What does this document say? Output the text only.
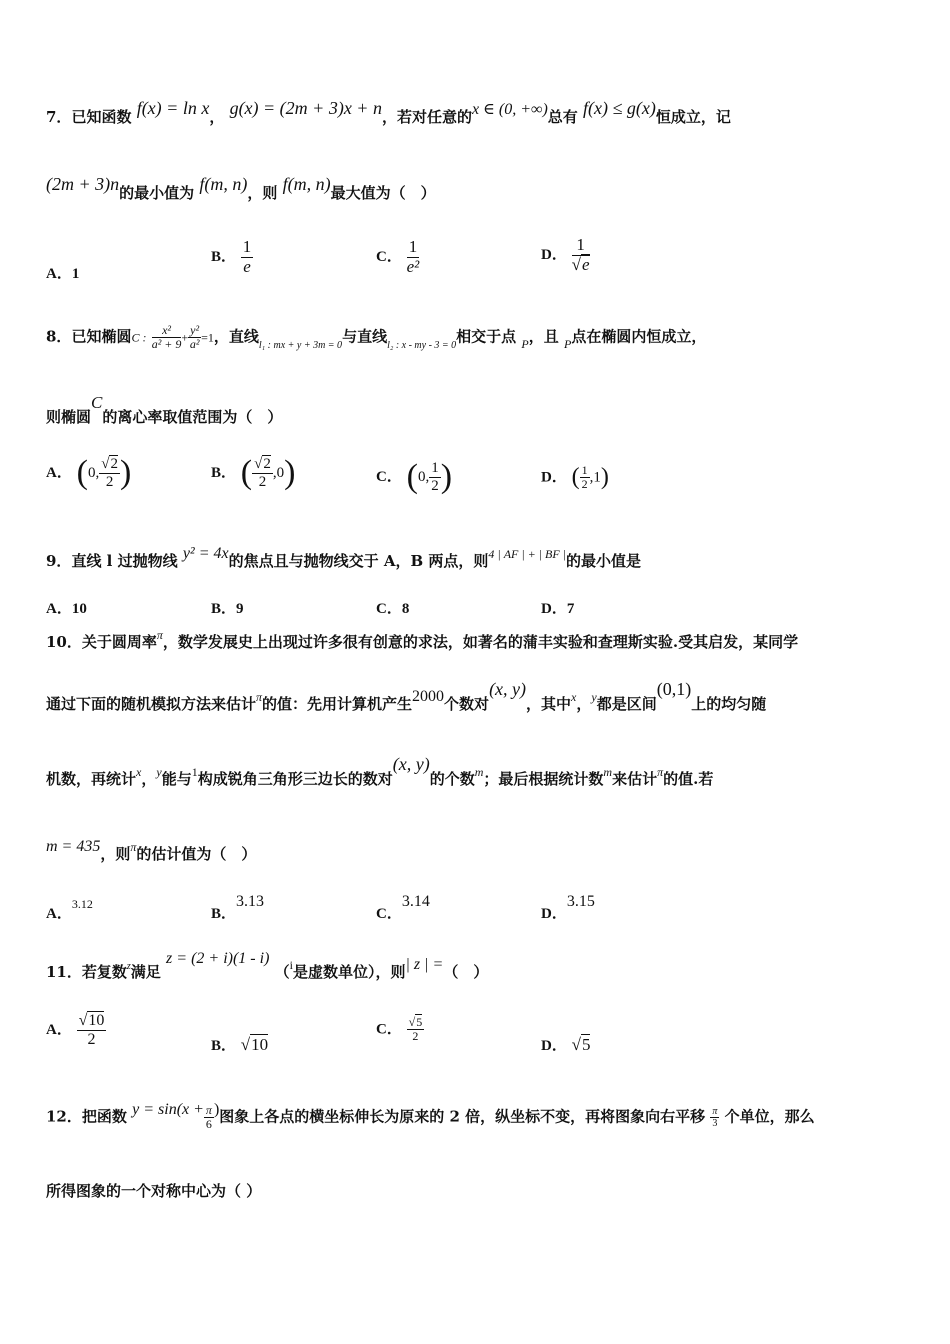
7．已知函数 f(x) = ln x， g(x) = (2m + 3)x + n，若对任意的x ∈ (0, +∞)总有 f(x) ≤ g(x)恒成立，记
(2m + 3)n的最小值为 f(m, n)，则 f(m, n)最大值为（　）
A．1
B． $\frac{1}{e}$	C． $\frac{1}{\text{e²}}$	D． $\frac{1}{√e}$
8．已知椭圆C : $\frac{\text{x²}}{\text{a² + 9}} + \frac{\text{y²}}{\text{a²}} =1$，直线$_{l_1 : mx + y + 3m = 0}$与直线$_{l_2 : x - my - 3 = 0}$相交于点 $_P$，且 $_P$点在椭圆内恒成立，
则椭圆C的离心率取值范围为（　）
A． (0, $\frac{√2}{2}$ )	B． ( $\frac{√2}{2} ,0$)	C． (0, $\frac{1}{2}$ )	D． ( $\frac{1}{2} ,1$)
9．直线 l 过抛物线 y² = 4x的焦点且与抛物线交于 A，B 两点，则$^{4 | AF | + | BF |}$的最小值是
A．10	B．9	C．8	D．7
10．关于圆周率$^\pi$，数学发展史上出现过许多很有创意的求法，如著名的蒲丰实验和查理斯实验.受其启发，某同学
通过下面的随机模拟方法来估计$^\pi$的值：先用计算机产生2000个数对(x, y)，其中$^x$，$^y$都是区间(0,1)上的均匀随
机数，再统计$^x$，$^y$能与$^1$构成锐角三角形三边长的数对(x, y)的个数$^m$；最后根据统计数$^m$来估计$^\pi$的值.若
m = 435，则$^\pi$的估计值为（　）
A．$^{3.12}$
B．3.13
C．3.14
D．3.15
11．若复数$^z$满足 z = (2 + i)(1 - i) （$^i$是虚数单位），则| z | =（　）
A． $\frac{√10}{2}$	B． √10
C． $\frac{√5}{2}$
D． √5
12．把函数 $y = \sin(x + \frac{\pi}{6}$ )图象上各点的横坐标伸长为原来的 2 倍，纵坐标不变，再将图象向右平移 $\frac{\pi}{3}$ 个单位，那么
所得图象的一个对称中心为（ ）
